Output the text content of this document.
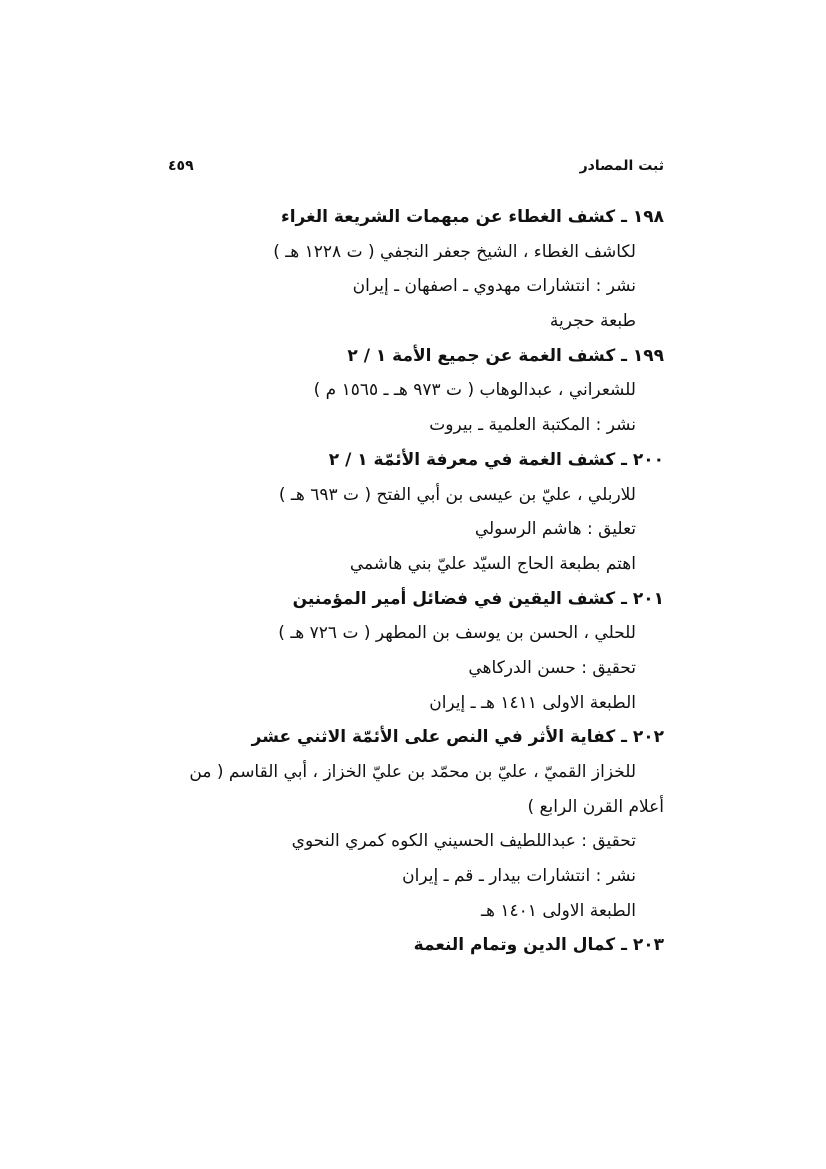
ثبت المصادر
٤٥٩
١٩٨ ـ كشف الغطاء عن مبهمات الشريعة الغراء
لكاشف الغطاء ، الشيخ جعفر النجفي ( ت ١٢٢٨ هـ )
نشر : انتشارات مهدوي ـ اصفهان ـ إيران
طبعة حجرية
١٩٩ ـ كشف الغمة عن جميع الأمة ١ / ٢
للشعراني ، عبدالوهاب ( ت ٩٧٣ هـ ـ ١٥٦٥ م )
نشر : المكتبة العلمية ـ بيروت
٢٠٠ ـ كشف الغمة في معرفة الأئمّة ١ / ٢
للاربلي ، عليّ بن عيسى بن أبي الفتح ( ت ٦٩٣ هـ )
تعليق : هاشم الرسولي
اهتم بطبعة الحاج السيّد عليّ بني هاشمي
٢٠١ ـ كشف اليقين في فضائل أمير المؤمنين
للحلي ، الحسن بن يوسف بن المطهر ( ت ٧٢٦ هـ )
تحقيق : حسن الدركاهي
الطبعة الاولى ١٤١١ هـ ـ إيران
٢٠٢ ـ كفاية الأثر في النص على الأئمّة الاثني عشر
للخزاز القميّ ، عليّ بن محمّد بن عليّ الخزاز ، أبي القاسم ( من أعلام القرن الرابع )
تحقيق : عبداللطيف الحسيني الكوه كمري النحوي
نشر : انتشارات بيدار ـ قم ـ إيران
الطبعة الاولى ١٤٠١ هـ
٢٠٣ ـ كمال الدين وتمام النعمة
